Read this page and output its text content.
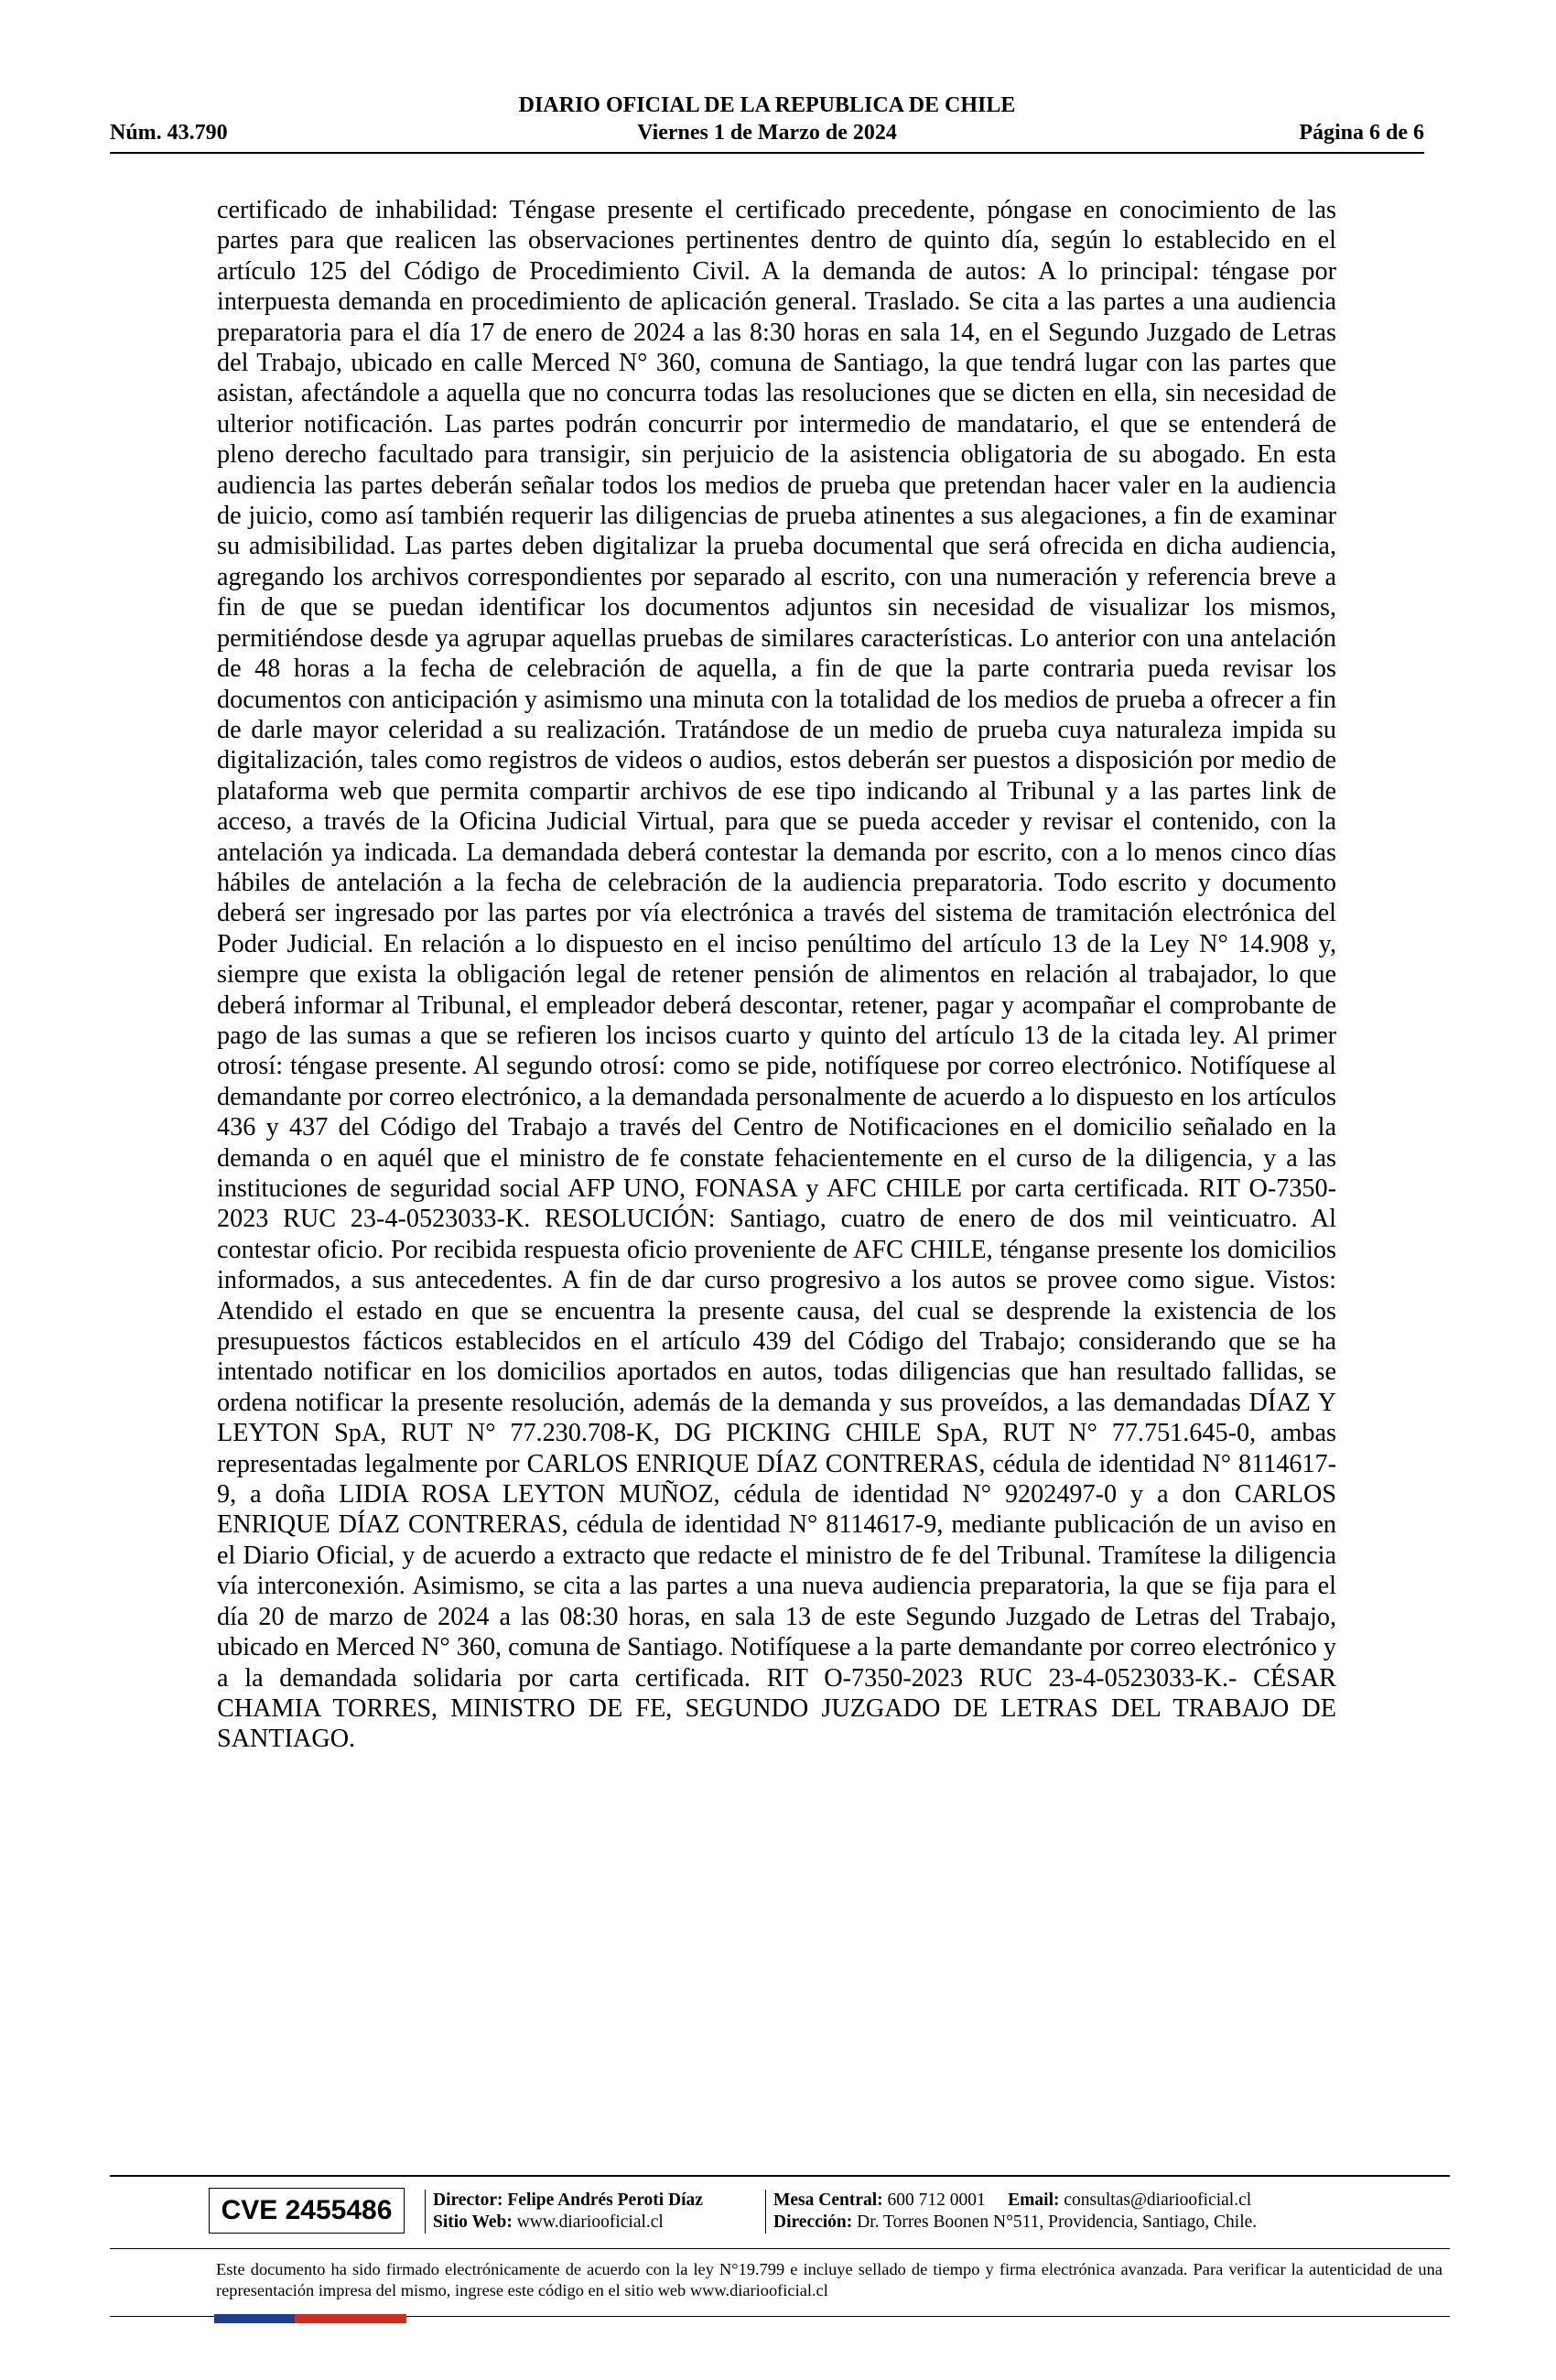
DIARIO OFICIAL DE LA REPUBLICA DE CHILE
Núm. 43.790	Viernes 1 de Marzo de 2024	Página 6 de 6

certificado de inhabilidad: Téngase presente el certificado precedente, póngase en conocimiento de las partes para que realicen las observaciones pertinentes dentro de quinto día, según lo establecido en el artículo 125 del Código de Procedimiento Civil. A la demanda de autos: A lo principal: téngase por interpuesta demanda en procedimiento de aplicación general. Traslado. Se cita a las partes a una audiencia preparatoria para el día 17 de enero de 2024 a las 8:30 horas en sala 14, en el Segundo Juzgado de Letras del Trabajo, ubicado en calle Merced N° 360, comuna de Santiago, la que tendrá lugar con las partes que asistan, afectándole a aquella que no concurra todas las resoluciones que se dicten en ella, sin necesidad de ulterior notificación. Las partes podrán concurrir por intermedio de mandatario, el que se entenderá de pleno derecho facultado para transigir, sin perjuicio de la asistencia obligatoria de su abogado. En esta audiencia las partes deberán señalar todos los medios de prueba que pretendan hacer valer en la audiencia de juicio, como así también requerir las diligencias de prueba atinentes a sus alegaciones, a fin de examinar su admisibilidad. Las partes deben digitalizar la prueba documental que será ofrecida en dicha audiencia, agregando los archivos correspondientes por separado al escrito, con una numeración y referencia breve a fin de que se puedan identificar los documentos adjuntos sin necesidad de visualizar los mismos, permitiéndose desde ya agrupar aquellas pruebas de similares características. Lo anterior con una antelación de 48 horas a la fecha de celebración de aquella, a fin de que la parte contraria pueda revisar los documentos con anticipación y asimismo una minuta con la totalidad de los medios de prueba a ofrecer a fin de darle mayor celeridad a su realización. Tratándose de un medio de prueba cuya naturaleza impida su digitalización, tales como registros de videos o audios, estos deberán ser puestos a disposición por medio de plataforma web que permita compartir archivos de ese tipo indicando al Tribunal y a las partes link de acceso, a través de la Oficina Judicial Virtual, para que se pueda acceder y revisar el contenido, con la antelación ya indicada. La demandada deberá contestar la demanda por escrito, con a lo menos cinco días hábiles de antelación a la fecha de celebración de la audiencia preparatoria. Todo escrito y documento deberá ser ingresado por las partes por vía electrónica a través del sistema de tramitación electrónica del Poder Judicial. En relación a lo dispuesto en el inciso penúltimo del artículo 13 de la Ley N° 14.908 y, siempre que exista la obligación legal de retener pensión de alimentos en relación al trabajador, lo que deberá informar al Tribunal, el empleador deberá descontar, retener, pagar y acompañar el comprobante de pago de las sumas a que se refieren los incisos cuarto y quinto del artículo 13 de la citada ley. Al primer otrosí: téngase presente. Al segundo otrosí: como se pide, notifíquese por correo electrónico. Notifíquese al demandante por correo electrónico, a la demandada personalmente de acuerdo a lo dispuesto en los artículos 436 y 437 del Código del Trabajo a través del Centro de Notificaciones en el domicilio señalado en la demanda o en aquél que el ministro de fe constate fehacientemente en el curso de la diligencia, y a las instituciones de seguridad social AFP UNO, FONASA y AFC CHILE por carta certificada. RIT O-7350-2023 RUC 23-4-0523033-K. RESOLUCIÓN: Santiago, cuatro de enero de dos mil veinticuatro. Al contestar oficio. Por recibida respuesta oficio proveniente de AFC CHILE, ténganse presente los domicilios informados, a sus antecedentes. A fin de dar curso progresivo a los autos se provee como sigue. Vistos: Atendido el estado en que se encuentra la presente causa, del cual se desprende la existencia de los presupuestos fácticos establecidos en el artículo 439 del Código del Trabajo; considerando que se ha intentado notificar en los domicilios aportados en autos, todas diligencias que han resultado fallidas, se ordena notificar la presente resolución, además de la demanda y sus proveídos, a las demandadas DÍAZ Y LEYTON SpA, RUT N° 77.230.708-K, DG PICKING CHILE SpA, RUT N° 77.751.645-0, ambas representadas legalmente por CARLOS ENRIQUE DÍAZ CONTRERAS, cédula de identidad N° 8114617-9, a doña LIDIA ROSA LEYTON MUÑOZ, cédula de identidad N° 9202497-0 y a don CARLOS ENRIQUE DÍAZ CONTRERAS, cédula de identidad N° 8114617-9, mediante publicación de un aviso en el Diario Oficial, y de acuerdo a extracto que redacte el ministro de fe del Tribunal. Tramítese la diligencia vía interconexión. Asimismo, se cita a las partes a una nueva audiencia preparatoria, la que se fija para el día 20 de marzo de 2024 a las 08:30 horas, en sala 13 de este Segundo Juzgado de Letras del Trabajo, ubicado en Merced N° 360, comuna de Santiago. Notifíquese a la parte demandante por correo electrónico y a la demandada solidaria por carta certificada. RIT O-7350-2023 RUC 23-4-0523033-K.- CÉSAR CHAMIA TORRES, MINISTRO DE FE, SEGUNDO JUZGADO DE LETRAS DEL TRABAJO DE SANTIAGO.

CVE 2455486	Director: Felipe Andrés Peroti Díaz
Sitio Web: www.diariooficial.cl
Mesa Central: 600 712 0001 Email: consultas@diariooficial.cl
Dirección: Dr. Torres Boonen N°511, Providencia, Santiago, Chile.

Este documento ha sido firmado electrónicamente de acuerdo con la ley N°19.799 e incluye sellado de tiempo y firma electrónica avanzada. Para verificar la autenticidad de una representación impresa del mismo, ingrese este código en el sitio web www.diariooficial.cl
